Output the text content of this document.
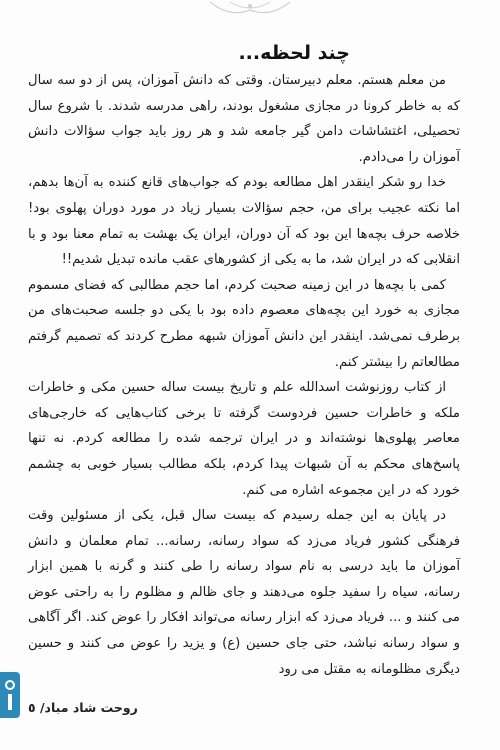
چند لحظه...

من معلم هستم. معلم دبیرستان. وقتی که دانش آموزان، پس از دو سه سال که به خاطر کرونا در مجازی مشغول بودند، راهی مدرسه شدند. با شروع سال تحصیلی، اغتشاشات دامن گیر جامعه شد و هر روز باید جواب سؤالات دانش آموزان را می‌دادم.

خدا رو شکر اینقدر اهل مطالعه بودم که جواب‌های قانع کننده به آن‌ها بدهم، اما نکته عجیب برای من، حجم سؤالات بسیار زیاد در مورد دوران پهلوی بود! خلاصه حرف بچه‌ها این بود که آن دوران، ایران یک بهشت به تمام معنا بود و با انقلابی که در ایران شد، ما به یکی از کشورهای عقب مانده تبدیل شدیم!!

کمی با بچه‌ها در این زمینه صحبت کردم، اما حجم مطالبی که فضای مسموم مجازی به خورد این بچه‌های معصوم داده بود با یکی دو جلسه صحبت‌های من برطرف نمی‌شد. اینقدر این دانش آموزان شبهه مطرح کردند که تصمیم گرفتم مطالعاتم را بیشتر کنم.

از کتاب روزنوشت اسدالله علم و تاریخ بیست ساله حسین مکی و خاطرات ملکه و خاطرات حسین فردوست گرفته تا برخی کتاب‌هایی که خارجی‌های معاصر پهلوی‌ها نوشته‌اند و در ایران ترجمه شده را مطالعه کردم. نه تنها پاسخ‌های محکم به آن شبهات پیدا کردم، بلکه مطالب بسیار خوبی به چشمم خورد که در این مجموعه اشاره می کنم.

در پایان به این جمله رسیدم که بیست سال قبل، یکی از مسئولین وقت فرهنگی کشور فریاد می‌زد که سواد رسانه، رسانه... تمام معلمان و دانش آموزان ما باید درسی به نام سواد رسانه را طی کنند و گرنه با همین ابزار رسانه، سیاه را سفید جلوه می‌دهند و جای ظالم و مظلوم را به راحتی عوض می کنند و ... فریاد می‌زد که ابزار رسانه می‌تواند افکار را عوض کند. اگر آگاهی و سواد رسانه نباشد، حتی جای حسین (ع) و یزید را عوض می کنند و حسین دیگری مظلومانه به مقتل می رود

روحت شاد مباد/ ٥
